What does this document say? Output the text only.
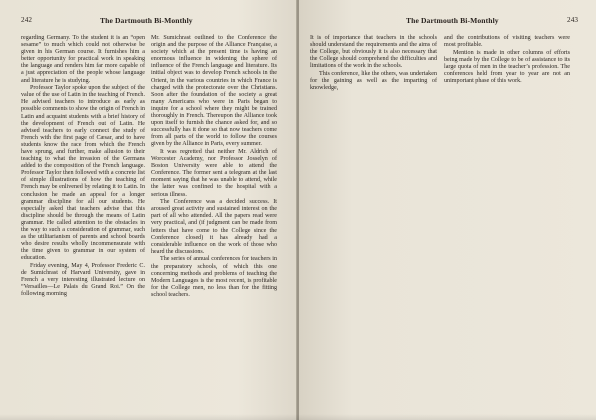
242	The Dartmouth Bi-Monthly

regarding Germany. To the student it is an “open sesame” to much which could not otherwise be given in his German course. It furnishes him a better opportunity for practical work in speaking the language and renders him far more capable of a just appreciation of the people whose language and literature he is studying.

Professor Taylor spoke upon the subject of the value of the use of Latin in the teaching of French. He advised teachers to introduce as early as possible comments to show the origin of French in Latin and acquaint students with a brief history of the development of French out of Latin. He advised teachers to early connect the study of French with the first page of Cæsar, and to have students know the race from which the French have sprung, and further, make allusion to their teaching to what the invasion of the Germans added to the composition of the French language. Professor Taylor then followed with a concrete list of simple illustrations of how the teaching of French may be enlivened by relating it to Latin. In conclusion he made an appeal for a longer grammar discipline for all our students. He especially asked that teachers advise that this discipline should be through the means of Latin grammar. He called attention to the obstacles in the way to such a consideration of grammar, such as the utilitarianism of parents and school boards who desire results wholly incommensurate with the time given to grammar in our system of education.

Friday evening, May 4, Professor Frederic C. de Sumichrast of Harvard University, gave in French a very interesting illustrated lecture on “Versailles—Le Palais du Grand Roi.” On the following morning

Mr. Sumichrast outlined to the Conference the origin and the purpose of the Alliance Française, a society which at the present time is having an enormous influence in widening the sphere of influence of the French language and literature. Its initial object was to develop French schools in the Orient, in the various countries in which France is charged with the protectorate over the Christians. Soon after the foundation of the society a great many Americans who were in Paris began to inquire for a school where they might be trained thoroughly in French. Thereupon the Alliance took upon itself to furnish the chance asked for, and so successfully has it done so that now teachers come from all parts of the world to follow the courses given by the Alliance in Paris, every summer.

It was regretted that neither Mr. Aldrich of Worcester Academy, nor Professor Josselyn of Boston University were able to attend the Conference. The former sent a telegram at the last moment saying that he was unable to attend, while the latter was confined to the hospital with a serious illness.

The Conference was a decided success. It aroused great activity and sustained interest on the part of all who attended. All the papers read were very practical, and (if judgment can be made from letters that have come to the College since the Conference closed) it has already had a considerable influence on the work of those who heard the discussions.

The series of annual conferences for teachers in the preparatory schools, of which this one concerning methods and problems of teaching the Modern Languages is the most recent, is profitable for the College men, no less than for the fitting school teachers.

The Dartmouth Bi-Monthly	243

It is of importance that teachers in the schools should understand the requirements and the aims of the College, but obviously it is also necessary that the College should comprehend the difficulties and limitations of the work in the schools.

This conference, like the others, was undertaken for the gaining as well as the imparting of knowledge,

and the contributions of visiting teachers were most profitable.

Mention is made in other columns of efforts being made by the College to be of assistance to its large quota of men in the teacher’s profession. The conferences held from year to year are not an unimportant phase of this work.
